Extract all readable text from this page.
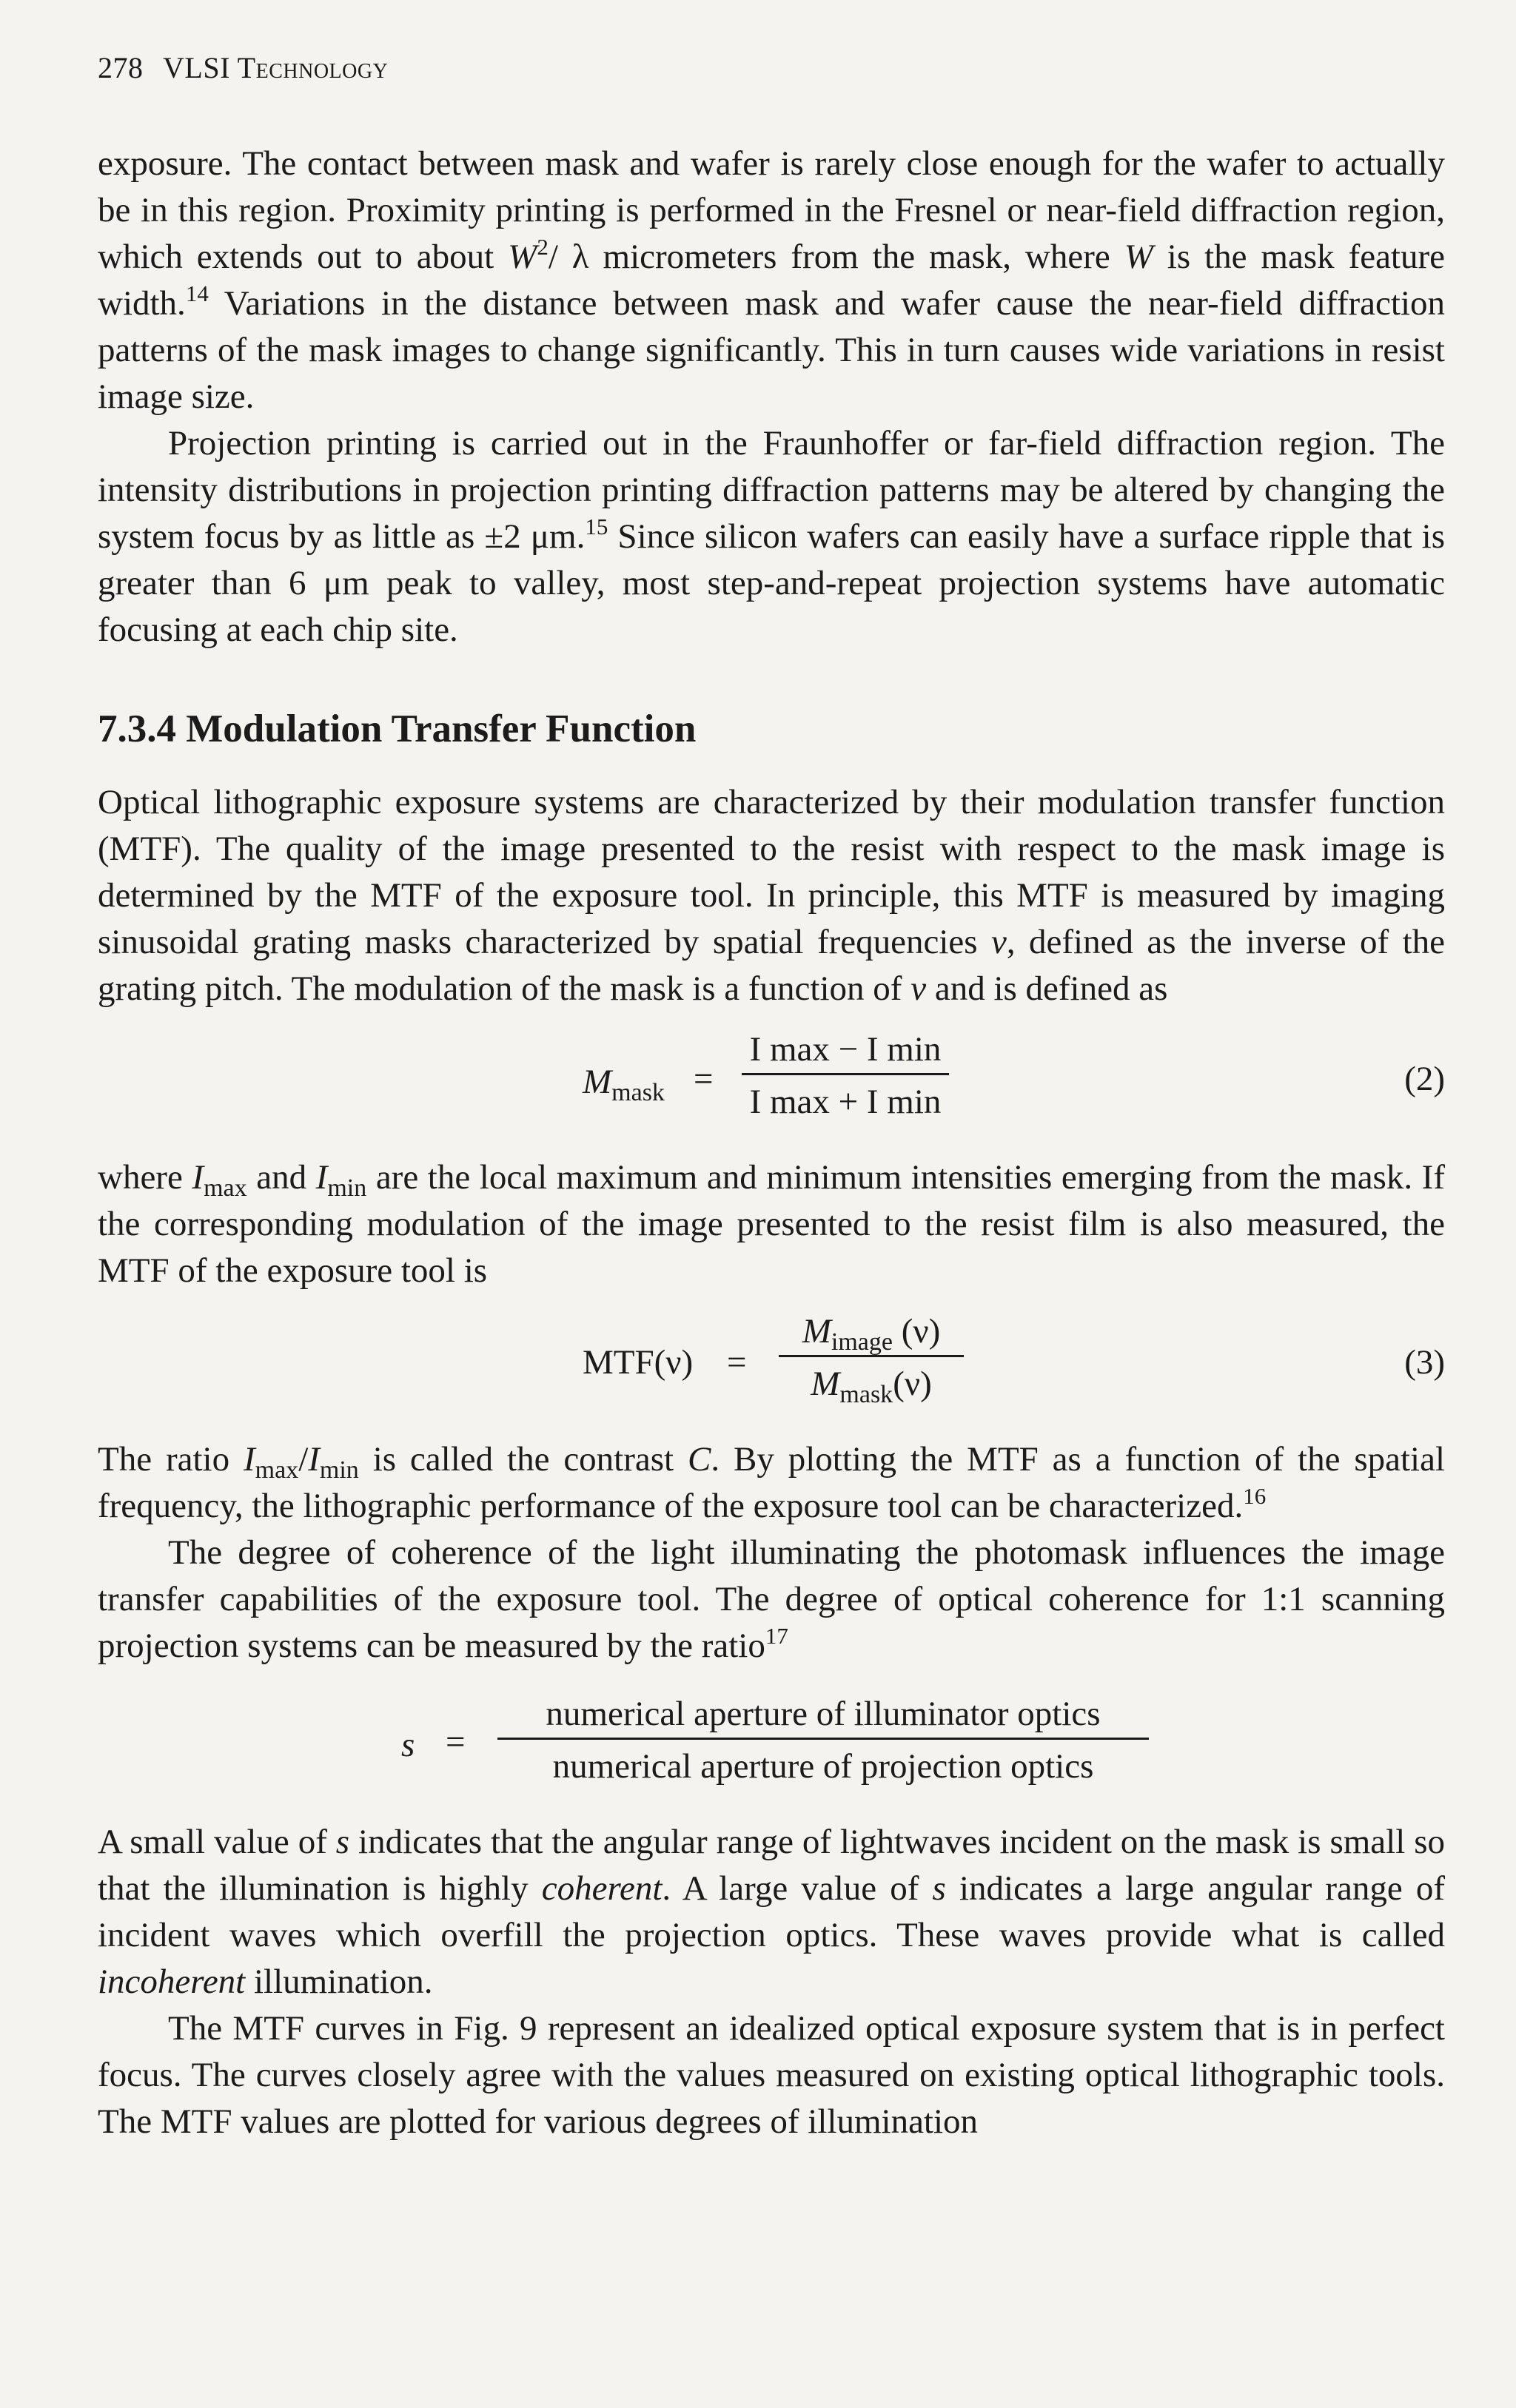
278 VLSI Technology

exposure. The contact between mask and wafer is rarely close enough for the wafer to actually be in this region. Proximity printing is performed in the Fresnel or near-field diffraction region, which extends out to about $W^2/$ λ micrometers from the mask, where W is the mask feature width.$^{14}$ Variations in the distance between mask and wafer cause the near-field diffraction patterns of the mask images to change significantly. This in turn causes wide variations in resist image size.

Projection printing is carried out in the Fraunhoffer or far-field diffraction region. The intensity distributions in projection printing diffraction patterns may be altered by changing the system focus by as little as ±2 μm.$^{15}$ Since silicon wafers can easily have a surface ripple that is greater than 6 μm peak to valley, most step-and-repeat projection systems have automatic focusing at each chip site.

7.3.4 Modulation Transfer Function

Optical lithographic exposure systems are characterized by their modulation transfer function (MTF). The quality of the image presented to the resist with respect to the mask image is determined by the MTF of the exposure tool. In principle, this MTF is measured by imaging sinusoidal grating masks characterized by spatial frequencies ν, defined as the inverse of the grating pitch. The modulation of the mask is a function of ν and is defined as

$M_{mask}$ =
I max − I min
I max + I min
(2)

where $I_{max}$ and $I_{min}$ are the local maximum and minimum intensities emerging from the mask. If the corresponding modulation of the image presented to the resist film is also measured, the MTF of the exposure tool is

MTF(ν) =
$M_{image}$ (ν)
$M_{mask}(\nu)$
(3)

The ratio $I_{max}/I_{min}$ is called the contrast C. By plotting the MTF as a function of the spatial frequency, the lithographic performance of the exposure tool can be characterized.$^{16}$

The degree of coherence of the light illuminating the photomask influences the image transfer capabilities of the exposure tool. The degree of optical coherence for 1:1 scanning projection systems can be measured by the ratio$^{17}$

s =
numerical aperture of illuminator optics
numerical aperture of projection optics

A small value of s indicates that the angular range of lightwaves incident on the mask is small so that the illumination is highly coherent. A large value of s indicates a large angular range of incident waves which overfill the projection optics. These waves provide what is called incoherent illumination.

The MTF curves in Fig. 9 represent an idealized optical exposure system that is in perfect focus. The curves closely agree with the values measured on existing optical lithographic tools. The MTF values are plotted for various degrees of illumination
